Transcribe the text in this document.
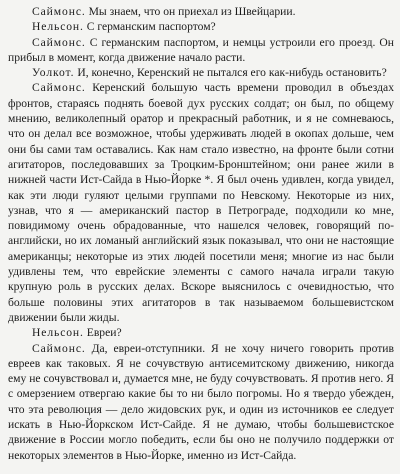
Саймонс. Мы знаем, что он приехал из Швейцарии.

Нельсон. С германским паспортом?

Саймонс. С германским паспортом, и немцы устроили его проезд. Он прибыл в момент, когда движение начало расти.

Уолкот. И, конечно, Керенский не пытался его как-нибудь остановить?

Саймонс. Керенский большую часть времени проводил в объездах фронтов, стараясь поднять боевой дух русских солдат; он был, по общему мнению, великолепный оратор и прекрасный работник, и я не сомневаюсь, что он делал все возможное, чтобы удерживать людей в окопах дольше, чем они бы сами там оставались. Как нам стало известно, на фронте были сотни агитаторов, последовавших за Троцким-Бронштейном; они ранее жили в нижней части Ист-Сайда в Нью-Йорке *. Я был очень удивлен, когда увидел, как эти люди гуляют целыми группами по Невскому. Некоторые из них, узнав, что я — американский пастор в Петрограде, подходили ко мне, повидимому очень обрадованные, что нашелся человек, говорящий по-английски, но их ломаный английский язык показывал, что они не настоящие американцы; некоторые из этих людей посетили меня; многие из нас были удивлены тем, что еврейские элементы с самого начала играли такую крупную роль в русских делах. Вскоре выяснилось с очевидностью, что больше половины этих агитаторов в так называемом большевистском движении были жиды.

Нельсон. Евреи?

Саймонс. Да, евреи-отступники. Я не хочу ничего говорить против евреев как таковых. Я не сочувствую антисемитскому движению, никогда ему не сочувствовал и, думается мне, не буду сочувствовать. Я против него. Я с омерзением отвергаю какие бы то ни было погромы. Но я твердо убежден, что эта революция — дело жидовских рук, и один из источников ее следует искать в Нью-Йоркском Ист-Сайде. Я не думаю, чтобы большевистское движение в России могло победить, если бы оно не получило поддержки от некоторых элементов в Нью-Йорке, именно из Ист-Сайда.
